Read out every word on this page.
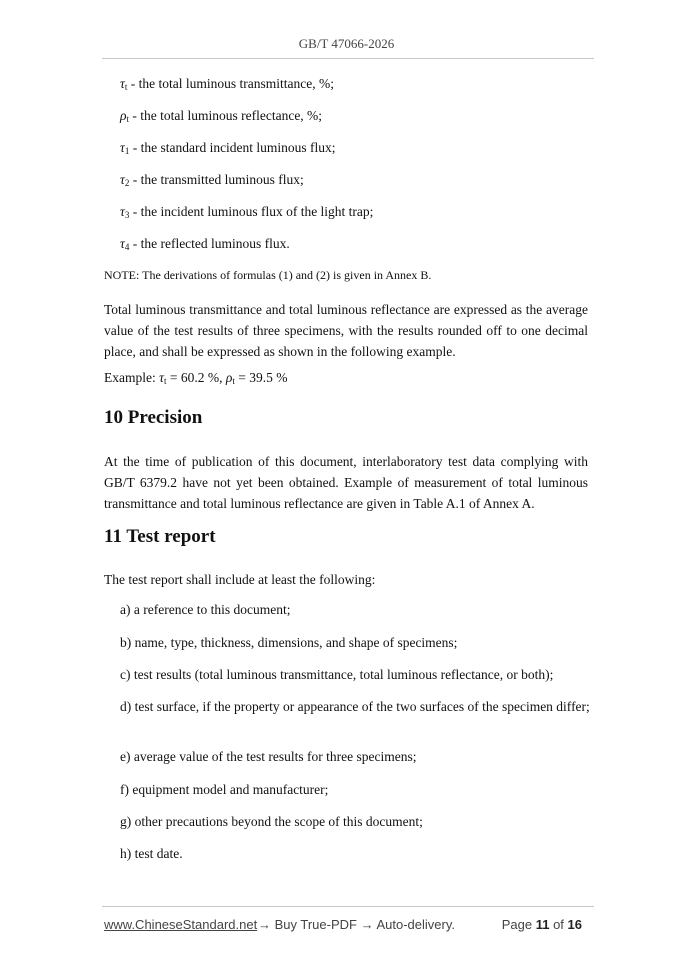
GB/T 47066-2026
$\tau_t$ - the total luminous transmittance, %;
$\rho_t$ - the total luminous reflectance, %;
$\tau_1$ - the standard incident luminous flux;
$\tau_2$ - the transmitted luminous flux;
$\tau_3$ - the incident luminous flux of the light trap;
$\tau_4$ - the reflected luminous flux.
NOTE: The derivations of formulas (1) and (2) is given in Annex B.
Total luminous transmittance and total luminous reflectance are expressed as the average value of the test results of three specimens, with the results rounded off to one decimal place, and shall be expressed as shown in the following example.
Example: $\tau_t = 60.2$ %, $\rho_t = 39.5$ %
10 Precision
At the time of publication of this document, interlaboratory test data complying with GB/T 6379.2 have not yet been obtained. Example of measurement of total luminous transmittance and total luminous reflectance are given in Table A.1 of Annex A.
11 Test report
The test report shall include at least the following:
a) a reference to this document;
b) name, type, thickness, dimensions, and shape of specimens;
c) test results (total luminous transmittance, total luminous reflectance, or both);
d) test surface, if the property or appearance of the two surfaces of the specimen differ;
e) average value of the test results for three specimens;
f) equipment model and manufacturer;
g) other precautions beyond the scope of this document;
h) test date.
www.ChineseStandard.net → Buy True-PDF → Auto-delivery.	Page 11 of 16
